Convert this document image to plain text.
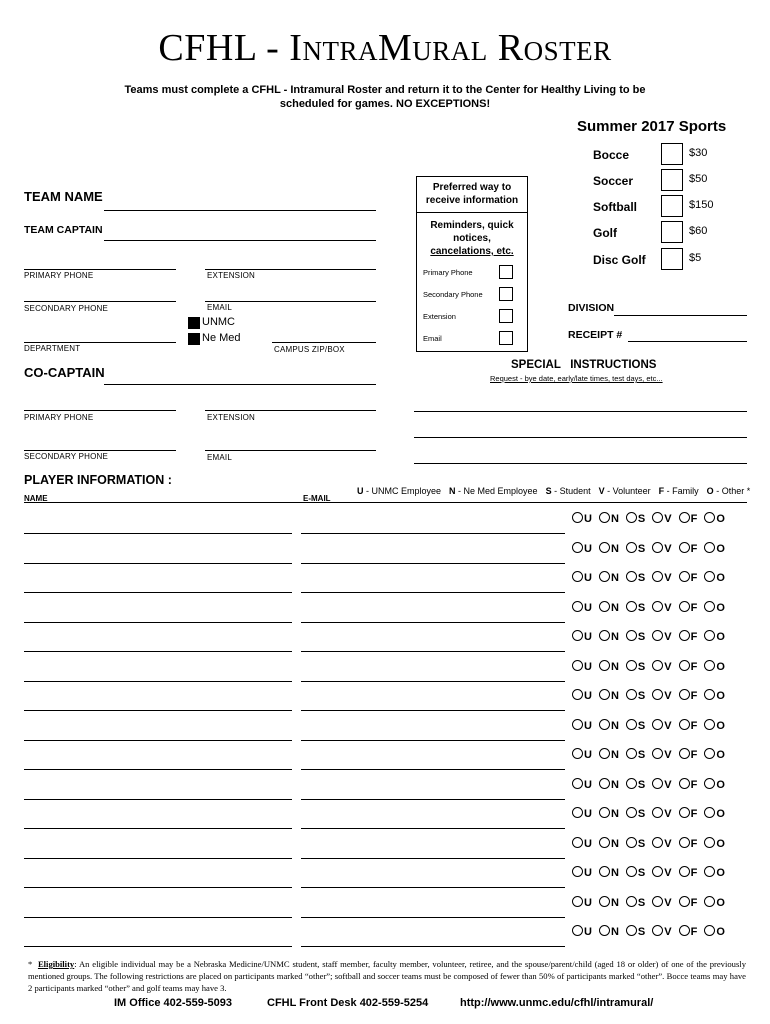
CFHL - IntraMural Roster
Teams must complete a CFHL - Intramural Roster and return it to the Center for Healthy Living to be scheduled for games. NO EXCEPTIONS!
Summer 2017 Sports
Bocce	$30
Soccer	$50
Softball	$150
Golf	$60
Disc Golf	$5
TEAM NAME
TEAM CAPTAIN
PRIMARY PHONE	EXTENSION
SECONDARY PHONE	EMAIL
UNMC
Ne Med
DEPARTMENT	CAMPUS ZIP/BOX
Preferred way to receive information
Reminders, quick notices,
cancelations, etc.
Primary Phone
Secondary Phone
Extension
Email
DIVISION
RECEIPT #
CO-CAPTAIN
PRIMARY PHONE	EXTENSION
SECONDARY PHONE	EMAIL
SPECIAL   INSTRUCTIONS
Request - bye date, early/late times, test days, etc...
PLAYER INFORMATION :
NAME	E-MAIL
U - UNMC Employee N - Ne Med Employee S - Student V - Volunteer F - Family O - Other *
U N S V F O
U N S V F O
U N S V F O
U N S V F O
U N S V F O
U N S V F O
U N S V F O
U N S V F O
U N S V F O
U N S V F O
U N S V F O
U N S V F O
U N S V F O
U N S V F O
U N S V F O
* Eligibility: An eligible individual may be a Nebraska Medicine/UNMC student, staff member, faculty member, volunteer, retiree, and the spouse/parent/child (aged 18 or older) of one of the previously mentioned groups. The following restrictions are placed on participants marked “other”; softball and soccer teams must be composed of fewer than 50% of participants marked “other”. Bocce teams may have 2 participants marked “other” and golf teams may have 3.
IM Office 402-559-5093	CFHL Front Desk 402-559-5254	http://www.unmc.edu/cfhl/intramural/
